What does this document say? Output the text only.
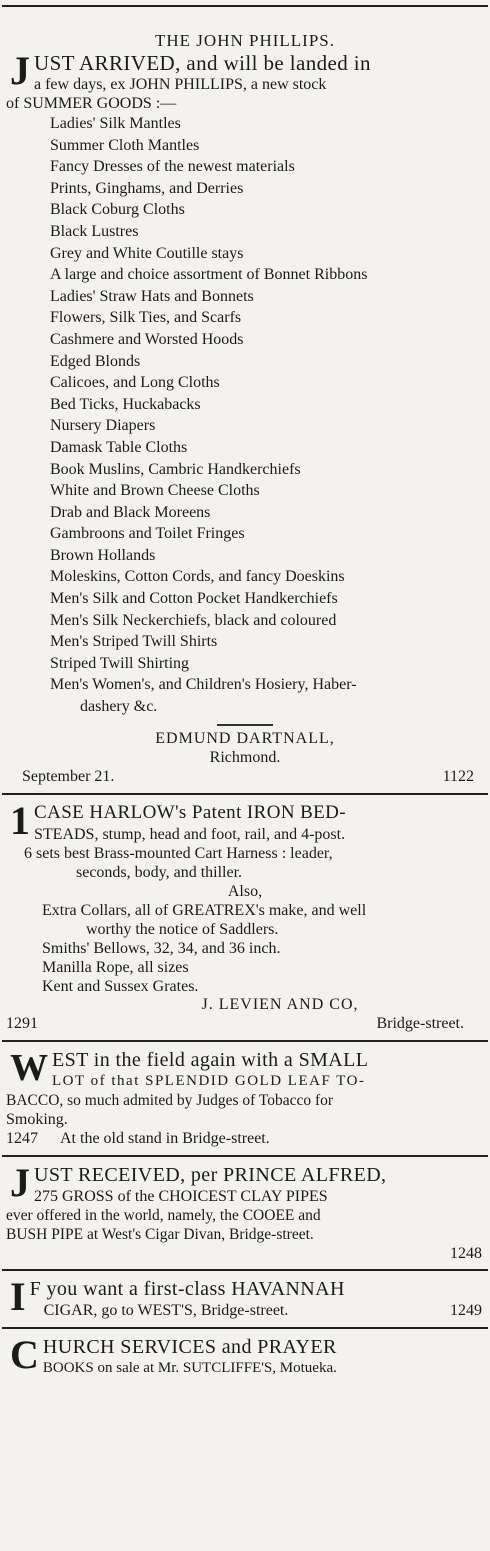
THE JOHN PHILLIPS.
J UST ARRIVED, and will be landed in
a few days, ex JOHN PHILLIPS, a new stock
of SUMMER GOODS :—
Ladies' Silk Mantles
Summer Cloth Mantles
Fancy Dresses of the newest materials
Prints, Ginghams, and Derries
Black Coburg Cloths
Black Lustres
Grey and White Coutille stays
A large and choice assortment of Bonnet Ribbons
Ladies' Straw Hats and Bonnets
Flowers, Silk Ties, and Scarfs
Cashmere and Worsted Hoods
Edged Blonds
Calicoes, and Long Cloths
Bed Ticks, Huckabacks
Nursery Diapers
Damask Table Cloths
Book Muslins, Cambric Handkerchiefs
White and Brown Cheese Cloths
Drab and Black Moreens
Gambroons and Toilet Fringes
Brown Hollands
Moleskins, Cotton Cords, and fancy Doeskins
Men's Silk and Cotton Pocket Handkerchiefs
Men's Silk Neckerchiefs, black and coloured
Men's Striped Twill Shirts
Striped Twill Shirting
Men's Women's, and Children's Hosiery, Haber-
dashery &c.
EDMUND DARTNALL,
Richmond.
September 21.	1122
1 CASE HARLOW's Patent IRON BED-
STEADS, stump, head and foot, rail, and 4-post.
6 sets best Brass-mounted Cart Harness : leader,
seconds, body, and thiller.
Also,
Extra Collars, all of GREATREX's make, and well
worthy the notice of Saddlers.
Smiths' Bellows, 32, 34, and 36 inch.
Manilla Rope, all sizes
Kent and Sussex Grates.
J. LEVIEN AND CO,
1291	Bridge-street.
W EST in the field again with a SMALL
LOT of that SPLENDID GOLD LEAF TO-
BACCO, so much admited by Judges of Tobacco for
Smoking.
1247 At the old stand in Bridge-street.
J UST RECEIVED, per PRINCE ALFRED,
275 GROSS of the CHOICEST CLAY PIPES
ever offered in the world, namely, the COOEE and
BUSH PIPE at West's Cigar Divan, Bridge-street.
1248
I F you want a first-class HAVANNAH
CIGAR, go to WEST'S, Bridge-street.	1249
C HURCH SERVICES and PRAYER
BOOKS on sale at Mr. SUTCLIFFE'S, Motueka.
